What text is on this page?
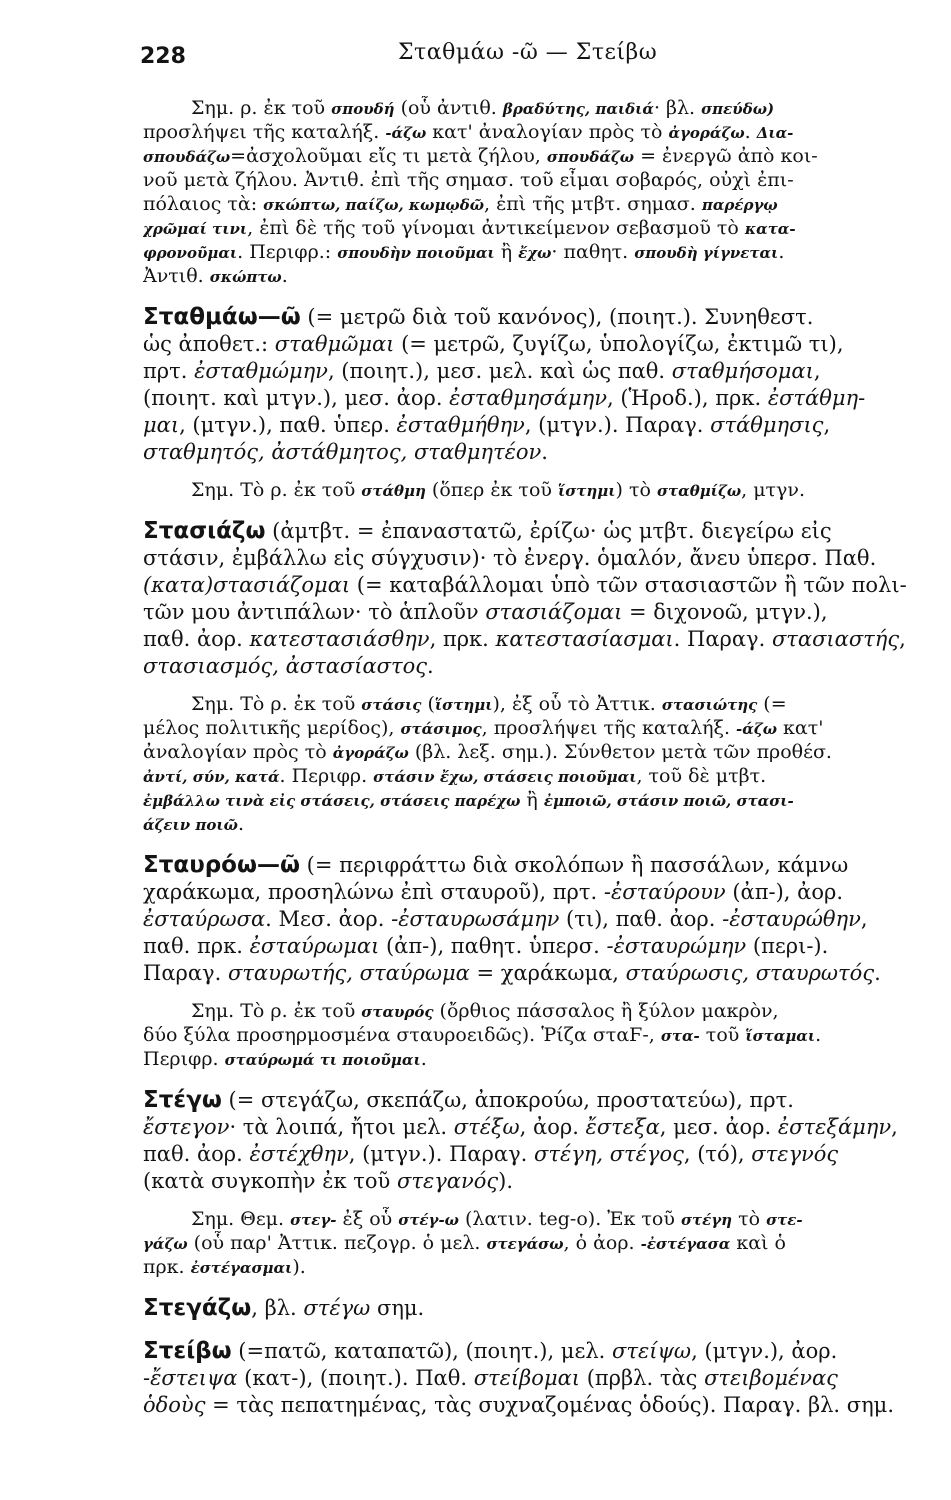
228	Σταθμάω -ῶ — Στείβω
Σημ. ρ. ἐκ τοῦ σπουδή (οὗ ἀντιθ. βραδύτης, παιδιά· βλ. σπεύδω)
προσλήψει τῆς καταλήξ. -άζω κατ' ἀναλογίαν πρὸς τὸ ἀγοράζω. Δια-
σπουδάζω=ἀσχολοῦμαι εἴς τι μετὰ ζήλου, σπουδάζω = ἐνεργῶ ἀπὸ κοι-
νοῦ μετὰ ζήλου. Ἀντιθ. ἐπὶ τῆς σημασ. τοῦ εἶμαι σοβαρός, οὐχὶ ἐπι-
πόλαιος τὰ: σκώπτω, παίζω, κωμῳδῶ, ἐπὶ τῆς μτβτ. σημασ. παρέργῳ
χρῶμαί τινι, ἐπὶ δὲ τῆς τοῦ γίνομαι ἀντικείμενον σεβασμοῦ τὸ κατα-
φρονοῦμαι. Περιφρ.: σπουδὴν ποιοῦμαι ἢ ἔχω· παθητ. σπουδὴ γίγνεται.
Ἀντιθ. σκώπτω.
Σταθμάω—ῶ (= μετρῶ διὰ τοῦ κανόνος), (ποιητ.). Συνηθεστ.
ὡς ἀποθετ.: σταθμῶμαι (= μετρῶ, ζυγίζω, ὑπολογίζω, ἐκτιμῶ τι),
πρτ. ἐσταθμώμην, (ποιητ.), μεσ. μελ. καὶ ὡς παθ. σταθμήσομαι,
(ποιητ. καὶ μτγν.), μεσ. ἀορ. ἐσταθμησάμην, (Ἡροδ.), πρκ. ἐστάθμη-
μαι, (μτγν.), παθ. ὑπερ. ἐσταθμήθην, (μτγν.). Παραγ. στάθμησις,
σταθμητός, ἀστάθμητος, σταθμητέον.
Σημ. Τὸ ρ. ἐκ τοῦ στάθμη (ὅπερ ἐκ τοῦ ἵστημι) τὸ σταθμίζω, μτγν.
Στασιάζω (ἀμτβτ. = ἐπαναστατῶ, ἐρίζω· ὡς μτβτ. διεγείρω εἰς
στάσιν, ἐμβάλλω εἰς σύγχυσιν)· τὸ ἐνεργ. ὁμαλόν, ἄνευ ὑπερσ. Παθ.
(κατα)στασιάζομαι (= καταβάλλομαι ὑπὸ τῶν στασιαστῶν ἢ τῶν πολι-
τῶν μου ἀντιπάλων· τὸ ἁπλοῦν στασιάζομαι = διχονοῶ, μτγν.),
παθ. ἀορ. κατεστασιάσθην, πρκ. κατεστασίασμαι. Παραγ. στασιαστής,
στασιασμός, ἀστασίαστος.
Σημ. Τὸ ρ. ἐκ τοῦ στάσις (ἵστημι), ἐξ οὗ τὸ Ἀττικ. στασιώτης (=
μέλος πολιτικῆς μερίδος), στάσιμος, προσλήψει τῆς καταλήξ. -άζω κατ'
ἀναλογίαν πρὸς τὸ ἀγοράζω (βλ. λεξ. σημ.). Σύνθετον μετὰ τῶν προθέσ.
ἀντί, σύν, κατά. Περιφρ. στάσιν ἔχω, στάσεις ποιοῦμαι, τοῦ δὲ μτβτ.
ἐμβάλλω τινὰ εἰς στάσεις, στάσεις παρέχω ἢ ἐμποιῶ, στάσιν ποιῶ, στασι-
άζειν ποιῶ.
Σταυρόω—ῶ (= περιφράττω διὰ σκολόπων ἢ πασσάλων, κάμνω
χαράκωμα, προσηλώνω ἐπὶ σταυροῦ), πρτ. -ἐσταύρουν (ἀπ-), ἀορ.
ἐσταύρωσα. Μεσ. ἀορ. -ἐσταυρωσάμην (τι), παθ. ἀορ. -ἐσταυρώθην,
παθ. πρκ. ἐσταύρωμαι (ἀπ-), παθητ. ὑπερσ. -ἐσταυρώμην (περι-).
Παραγ. σταυρωτής, σταύρωμα = χαράκωμα, σταύρωσις, σταυρωτός.
Σημ. Τὸ ρ. ἐκ τοῦ σταυρός (ὄρθιος πάσσαλος ἢ ξύλον μακρὸν,
δύο ξύλα προσηρμοσμένα σταυροειδῶς). Ῥίζα σταϜ-, στα- τοῦ ἵσταμαι.
Περιφρ. σταύρωμά τι ποιοῦμαι.
Στέγω (= στεγάζω, σκεπάζω, ἀποκρούω, προστατεύω), πρτ.
ἔστεγον· τὰ λοιπά, ἤτοι μελ. στέξω, ἀορ. ἔστεξα, μεσ. ἀορ. ἐστεξάμην,
παθ. ἀορ. ἐστέχθην, (μτγν.). Παραγ. στέγη, στέγος, (τό), στεγνός
(κατὰ συγκοπὴν ἐκ τοῦ στεγανός).
Σημ. Θεμ. στεγ- ἐξ οὗ στέγ-ω (λατιν. teg-o). Ἐκ τοῦ στέγη τὸ στε-
γάζω (οὗ παρ' Ἀττικ. πεζογρ. ὁ μελ. στεγάσω, ὁ ἀορ. -ἐστέγασα καὶ ὁ
πρκ. ἐστέγασμαι).
Στεγάζω, βλ. στέγω σημ.
Στείβω (=πατῶ, καταπατῶ), (ποιητ.), μελ. στείψω, (μτγν.), ἀορ.
-ἔστειψα (κατ-), (ποιητ.). Παθ. στείβομαι (πρβλ. τὰς στειβομένας
ὁδοὺς = τὰς πεπατημένας, τὰς συχναζομένας ὁδούς). Παραγ. βλ. σημ.
